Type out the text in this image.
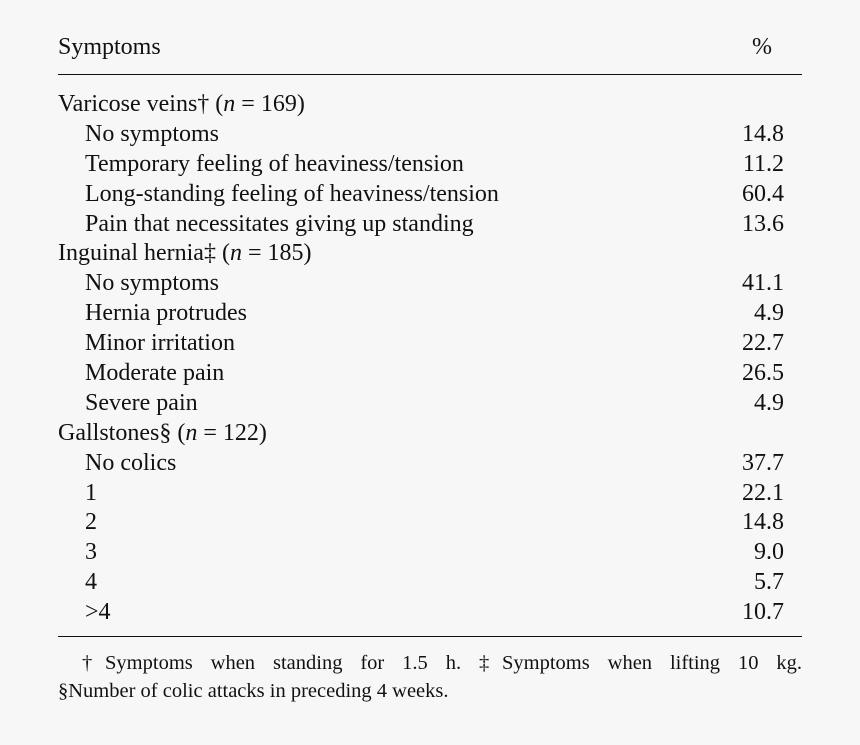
Symptoms	%
Varicose veins† (n = 169)
No symptoms	14.8
Temporary feeling of heaviness/tension	11.2
Long-standing feeling of heaviness/tension	60.4
Pain that necessitates giving up standing	13.6
Inguinal hernia‡ (n = 185)
No symptoms	41.1
Hernia protrudes	4.9
Minor irritation	22.7
Moderate pain	26.5
Severe pain	4.9
Gallstones§ (n = 122)
No colics	37.7
1	22.1
2	14.8
3	9.0
4	5.7
>4	10.7
†Symptoms when standing for 1.5 h. ‡Symptoms when lifting 10 kg.
§Number of colic attacks in preceding 4 weeks.
